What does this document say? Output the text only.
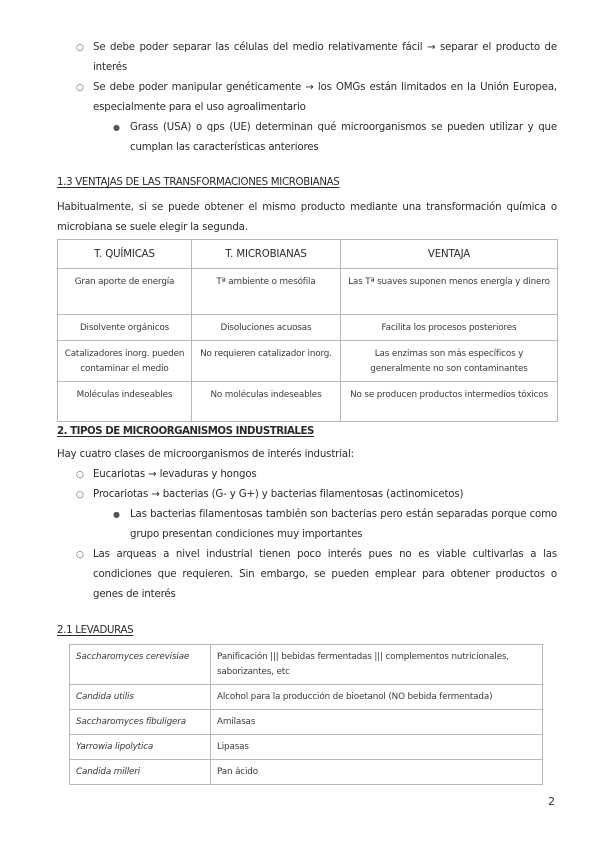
○ Se debe poder separar las células del medio relativamente fácil → separar el producto de interés
○ Se debe poder manipular genéticamente → los OMGs están limitados en la Unión Europea, especialmente para el uso agroalimentario
● Grass (USA) o qps (UE) determinan qué microorganismos se pueden utilizar y que cumplan las características anteriores
1.3 VENTAJAS DE LAS TRANSFORMACIONES MICROBIANAS
Habitualmente, si se puede obtener el mismo producto mediante una transformación química o microbiana se suele elegir la segunda.
T. QUÍMICAS	T. MICROBIANAS	VENTAJA
Gran aporte de energía	Tª ambiente o mesófila	Las Tª suaves suponen menos energía y dinero
Disolvente orgánicos	Disoluciones acuosas	Facilita los procesos posteriores
Catalizadores inorg. pueden contaminar el medio	No requieren catalizador inorg.	Las enzimas son más específicos y generalmente no son contaminantes
Moléculas indeseables	No moléculas indeseables	No se producen productos intermedios tóxicos
2. TIPOS DE MICROORGANISMOS INDUSTRIALES
Hay cuatro clases de microorganismos de interés industrial:
○ Eucariotas → levaduras y hongos
○ Procariotas → bacterias (G- y G+) y bacterias filamentosas (actinomicetos)
● Las bacterias filamentosas también son bacterias pero están separadas porque como grupo presentan condiciones muy importantes
○ Las arqueas a nivel industrial tienen poco interés pues no es viable cultivarlas a las condiciones que requieren. Sin embargo, se pueden emplear para obtener productos o genes de interés
2.1 LEVADURAS
Saccharomyces cerevisiae	Panificación ||| bebidas fermentadas ||| complementos nutricionales, saborizantes, etc
Candida utilis	Alcohol para la producción de bioetanol (NO bebida fermentada)
Saccharomyces fibuligera	Amilasas
Yarrowia lipolytica	Lipasas
Candida milleri	Pan ácido
2
